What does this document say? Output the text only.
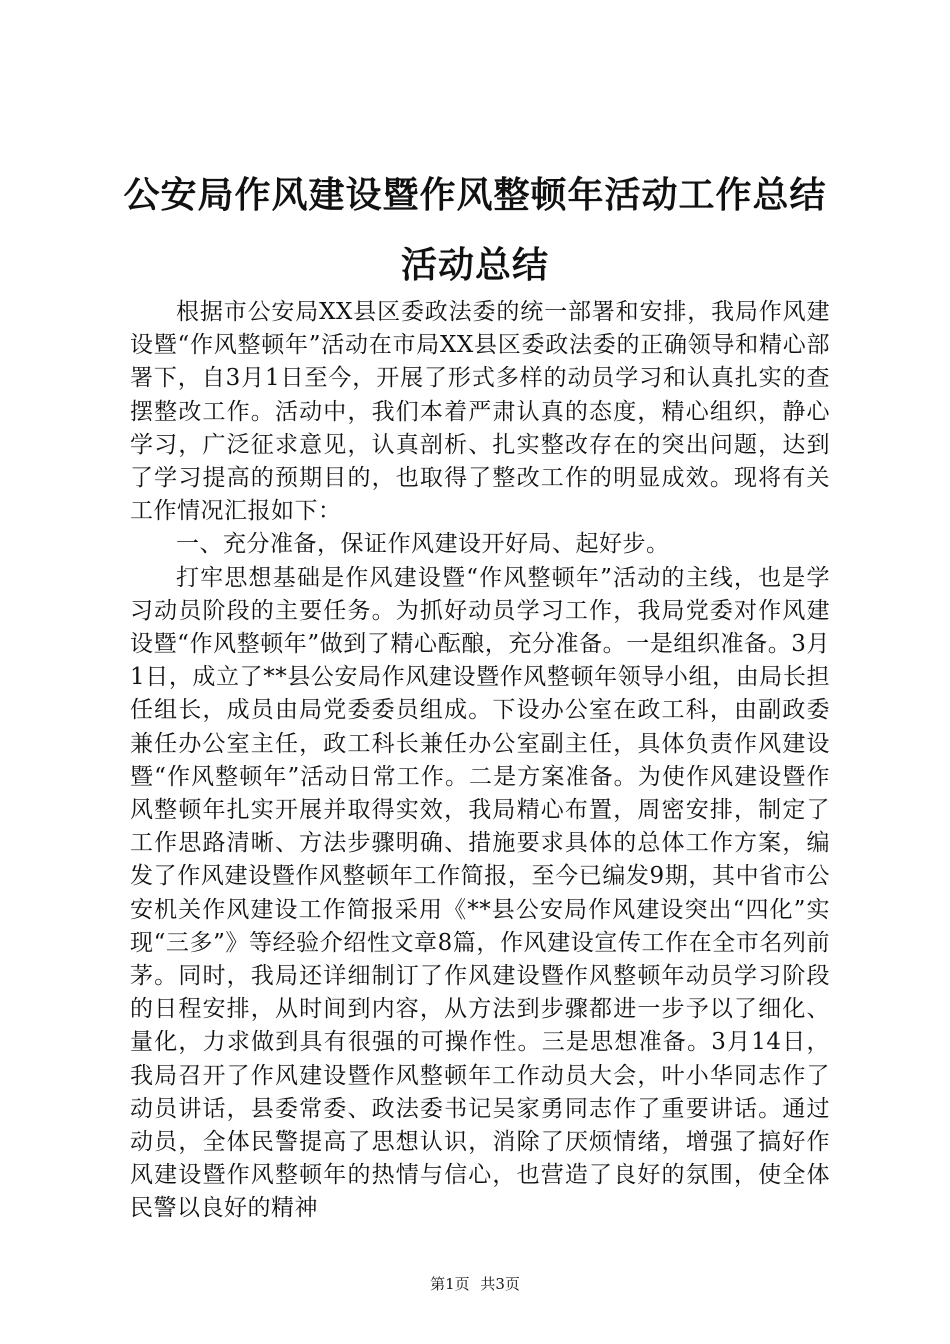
公安局作风建设暨作风整顿年活动工作总结活动总结

根据市公安局XX县区委政法委的统一部署和安排，我局作风建设暨“作风整顿年”活动在市局XX县区委政法委的正确领导和精心部署下，自3月1日至今，开展了形式多样的动员学习和认真扎实的查摆整改工作。活动中，我们本着严肃认真的态度，精心组织，静心学习，广泛征求意见，认真剖析、扎实整改存在的突出问题，达到了学习提高的预期目的，也取得了整改工作的明显成效。现将有关工作情况汇报如下：

一、充分准备，保证作风建设开好局、起好步。

打牢思想基础是作风建设暨“作风整顿年”活动的主线，也是学习动员阶段的主要任务。为抓好动员学习工作，我局党委对作风建设暨“作风整顿年”做到了精心酝酿，充分准备。一是组织准备。3月1日，成立了**县公安局作风建设暨作风整顿年领导小组，由局长担任组长，成员由局党委委员组成。下设办公室在政工科，由副政委兼任办公室主任，政工科长兼任办公室副主任，具体负责作风建设暨“作风整顿年”活动日常工作。二是方案准备。为使作风建设暨作风整顿年扎实开展并取得实效，我局精心布置，周密安排，制定了工作思路清晰、方法步骤明确、措施要求具体的总体工作方案，编发了作风建设暨作风整顿年工作简报，至今已编发9期，其中省市公安机关作风建设工作简报采用《**县公安局作风建设突出“四化”实现“三多”》等经验介绍性文章8篇，作风建设宣传工作在全市名列前茅。同时，我局还详细制订了作风建设暨作风整顿年动员学习阶段的日程安排，从时间到内容，从方法到步骤都进一步予以了细化、量化，力求做到具有很强的可操作性。三是思想准备。3月14日，我局召开了作风建设暨作风整顿年工作动员大会，叶小华同志作了动员讲话，县委常委、政法委书记吴家勇同志作了重要讲话。通过动员，全体民警提高了思想认识，消除了厌烦情绪，增强了搞好作风建设暨作风整顿年的热情与信心，也营造了良好的氛围，使全体民警以良好的精神

第1页 共3页
